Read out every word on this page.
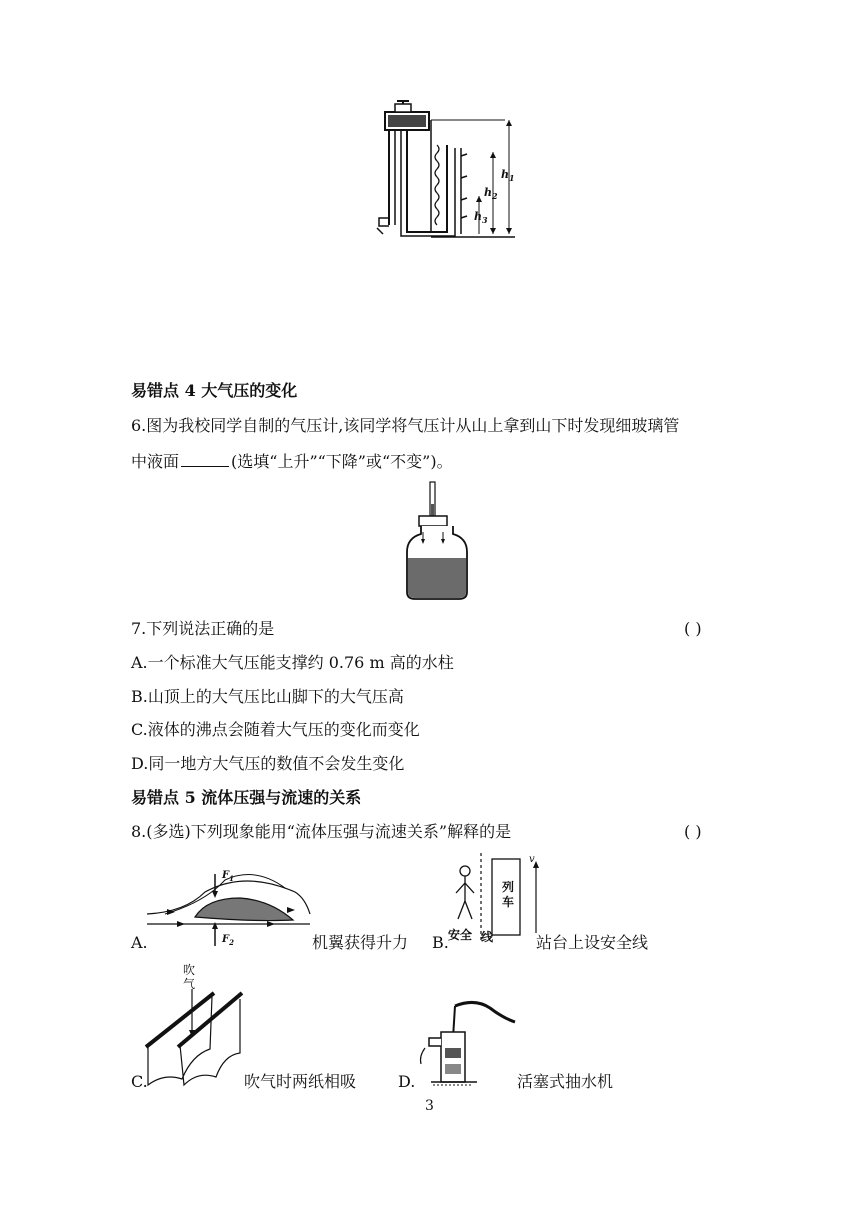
$h_1$
$h_2$
$h_3$
易错点 4 大气压的变化
6.图为我校同学自制的气压计,该同学将气压计从山上拿到山下时发现细玻璃管
中液面	(选填“上升”“下降”或“不变”)。
7.下列说法正确的是	( )
A.一个标准大气压能支撑约 0.76 m 高的水柱
B.山顶上的大气压比山脚下的大气压高
C.液体的沸点会随着大气压的变化而变化
D.同一地方大气压的数值不会发生变化
易错点 5 流体压强与流速的关系
8.(多选)下列现象能用“流体压强与流速关系”解释的是	( )
A.
$F_1$
$F_2$	机翼获得升力 B.
列车
v
安全 线	站台上设安全线
C.
吹气
吹气时两纸相吸	D.	活塞式抽水机
3
